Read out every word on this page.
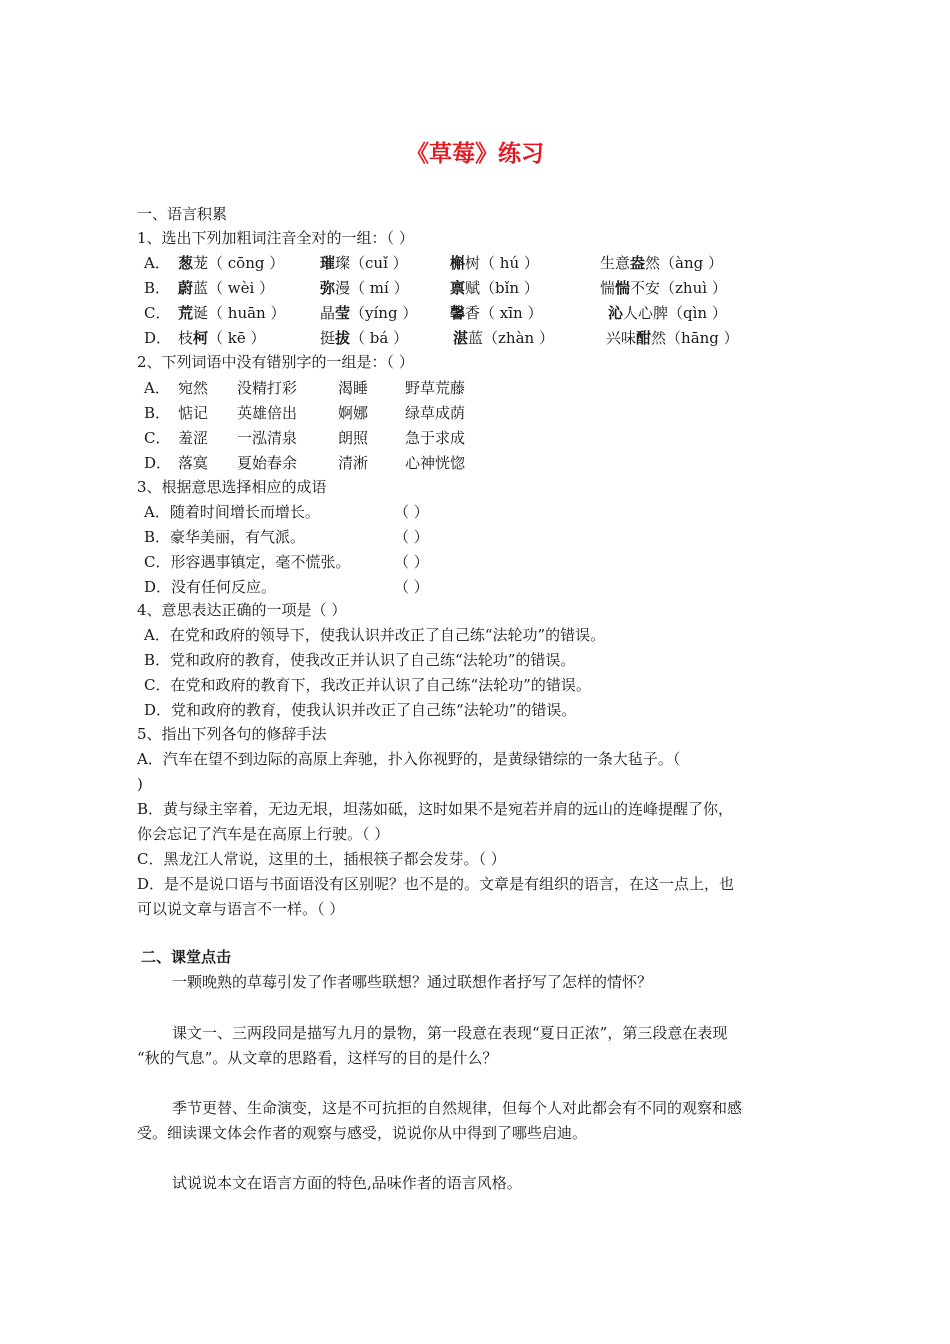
《草莓》练习
一、语言积累
1、选出下列加粗词注音全对的一组：（ ）
A． 葱茏（ cōng ） 璀璨（cuǐ ）	槲树（ hú ）	生意盎然（àng ）
B． 蔚蓝（ wèi ）	弥漫（ mí ）	禀赋（bǐn ）	惴惴不安（zhuì ）
C． 荒诞（ huān ） 晶莹（yíng ） 馨香（ xīn ）	沁人心脾（qìn ）
D． 枝柯（ kē ）	挺拔（ bá ）	湛蓝（zhàn ）	兴味酣然（hāng ）
2、下列词语中没有错别字的一组是：（ ）
A． 宛然 没精打彩	渴睡 野草荒藤
B． 惦记 英雄倍出	婀娜 绿草成荫
C． 羞涩 一泓清泉	朗照 急于求成
D． 落寞 夏始春余	清淅 心神恍惚
3、根据意思选择相应的成语
A．随着时间增长而增长。	（ ）
B．豪华美丽，有气派。	（ ）
C．形容遇事镇定，毫不慌张。	（ ）
D．没有任何反应。	（ ）
4、意思表达正确的一项是（ ）
A．在党和政府的领导下，使我认识并改正了自己练“法轮功”的错误。
B．党和政府的教育，使我改正并认识了自己练“法轮功”的错误。
C．在党和政府的教育下，我改正并认识了自己练“法轮功”的错误。
D．党和政府的教育，使我认识并改正了自己练“法轮功”的错误。
5、指出下列各句的修辞手法
A．汽车在望不到边际的高原上奔驰，扑入你视野的，是黄绿错综的一条大毡子。（
)
B．黄与绿主宰着，无边无垠，坦荡如砥，这时如果不是宛若并肩的远山的连峰提醒了你，
你会忘记了汽车是在高原上行驶。（ ）
C．黑龙江人常说，这里的土，插根筷子都会发芽。（ ）
D．是不是说口语与书面语没有区别呢？也不是的。文章是有组织的语言，在这一点上，也
可以说文章与语言不一样。（ ）
二、课堂点击
一颗晚熟的草莓引发了作者哪些联想？通过联想作者抒写了怎样的情怀？
课文一、三两段同是描写九月的景物，第一段意在表现“夏日正浓”，第三段意在表现
“秋的气息”。从文章的思路看，这样写的目的是什么？
季节更替、生命演变，这是不可抗拒的自然规律，但每个人对此都会有不同的观察和感
受。细读课文体会作者的观察与感受，说说你从中得到了哪些启迪。
试说说本文在语言方面的特色,品味作者的语言风格。
